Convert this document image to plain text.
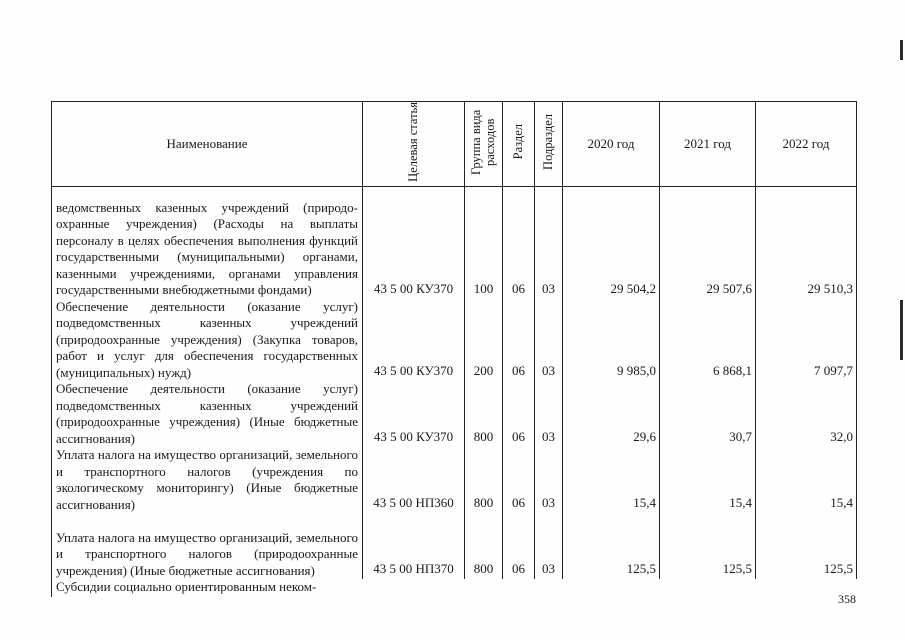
Наименование	Целевая статья	Группа вида расходов	Раздел	Подраздел	2020 год	2021 год	2022 год
ведомственных казенных учреждений (природо-охранные учреждения) (Расходы на выплаты персоналу в целях обеспечения выполнения функций государственными (муниципальными) органами, казенными учреждениями, органами управления государственными внебюджетными фондами)	43 5 00 КУ370	100	06	03	29 504,2	29 507,6	29 510,3
Обеспечение деятельности (оказание услуг) подведомственных казенных учреждений (природоохранные учреждения) (Закупка товаров, работ и услуг для обеспечения государственных (муниципальных) нужд)	43 5 00 КУ370	200	06	03	9 985,0	6 868,1	7 097,7
Обеспечение деятельности (оказание услуг) подведомственных казенных учреждений (природоохранные учреждения) (Иные бюджетные ассигнования)	43 5 00 КУ370	800	06	03	29,6	30,7	32,0
Уплата налога на имущество организаций, земельного и транспортного налогов (учреждения по экологическому мониторингу) (Иные бюджетные ассигнования)	43 5 00 НП360	800	06	03	15,4	15,4	15,4
Уплата налога на имущество организаций, земельного и транспортного налогов (природоохранные учреждения) (Иные бюджетные ассигнования)	43 5 00 НП370	800	06	03	125,5	125,5	125,5
Субсидии социально ориентированным неком-							
358
